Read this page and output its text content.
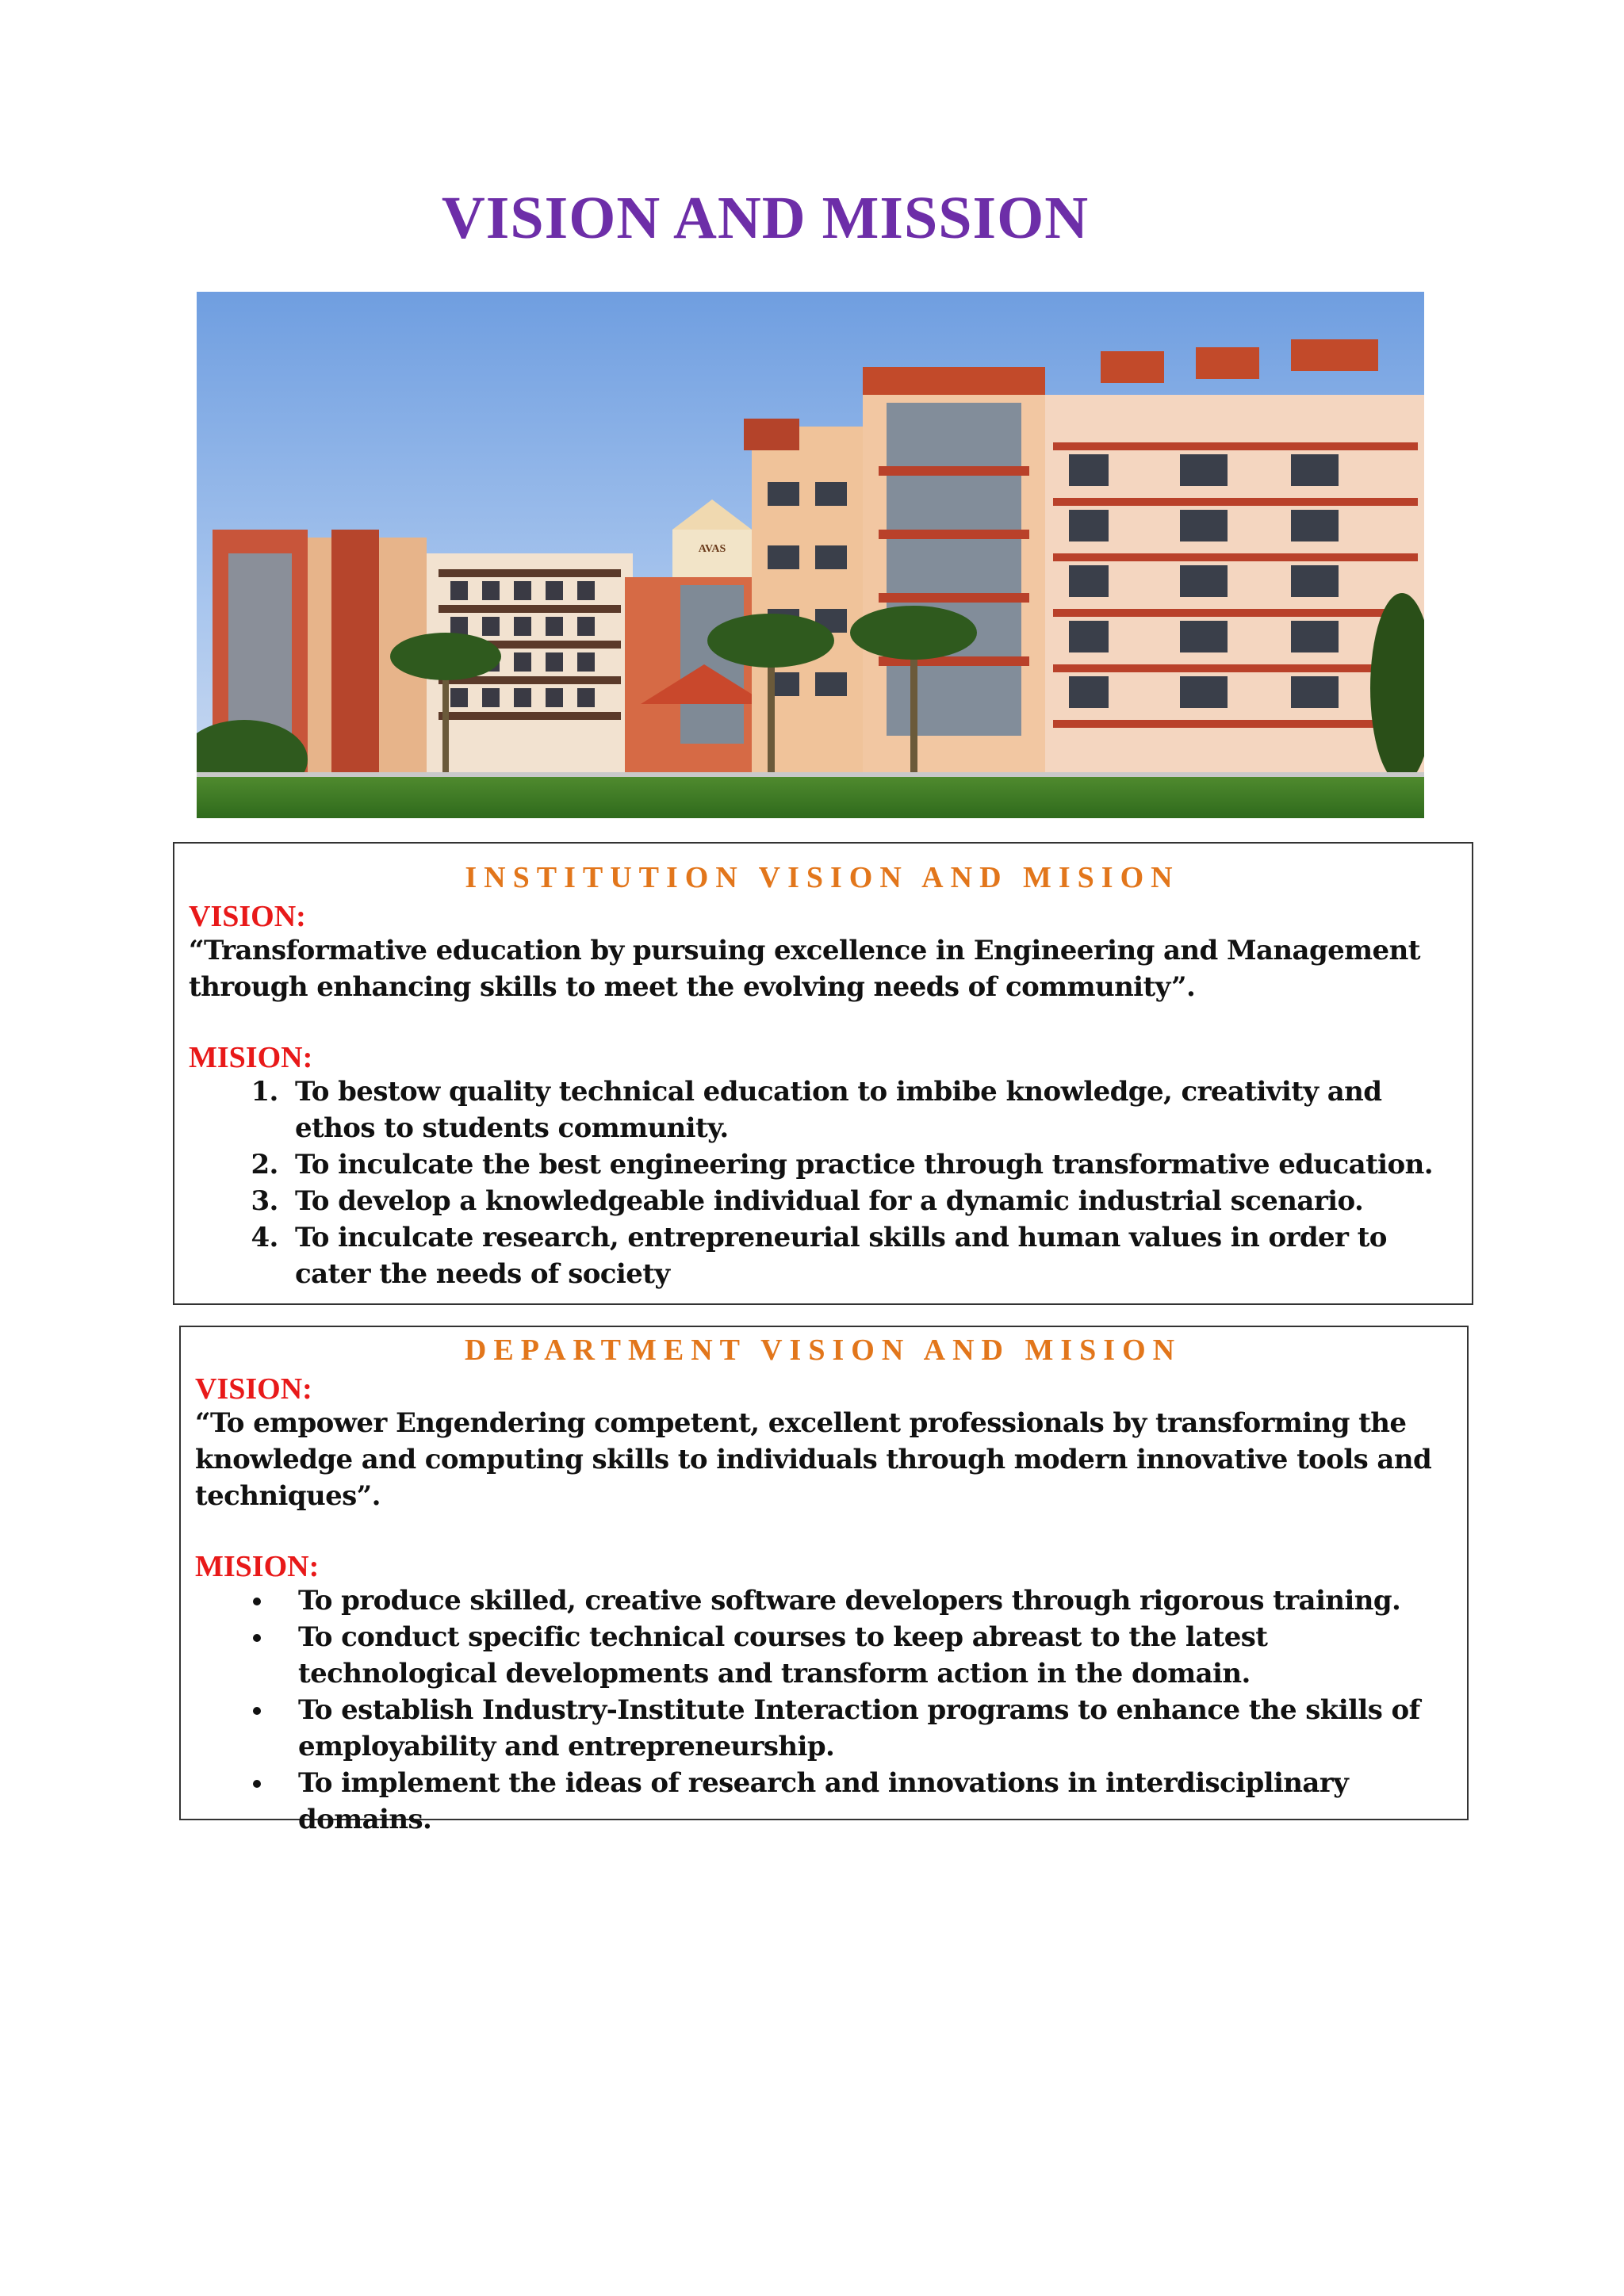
VISION AND MISSION
AVAS
INSTITUTION VISION AND MISION

VISION:

“Transformative education by pursuing excellence in Engineering and Management through enhancing skills to meet the evolving needs of community”.

MISION:

1. To bestow quality technical education to imbibe knowledge, creativity and ethos to students community.
2. To inculcate the best engineering practice through transformative education.
3. To develop a knowledgeable individual for a dynamic industrial scenario.
4. To inculcate research, entrepreneurial skills and human values in order to cater the needs of society
DEPARTMENT VISION AND MISION

VISION:

“To empower Engendering competent, excellent professionals by transforming the knowledge and computing skills to individuals through modern innovative tools and techniques”.

MISION:

• To produce skilled, creative software developers through rigorous training.
• To conduct specific technical courses to keep abreast to the latest technological developments and transform action in the domain.
• To establish Industry-Institute Interaction programs to enhance the skills of employability and entrepreneurship.
• To implement the ideas of research and innovations in interdisciplinary domains.
